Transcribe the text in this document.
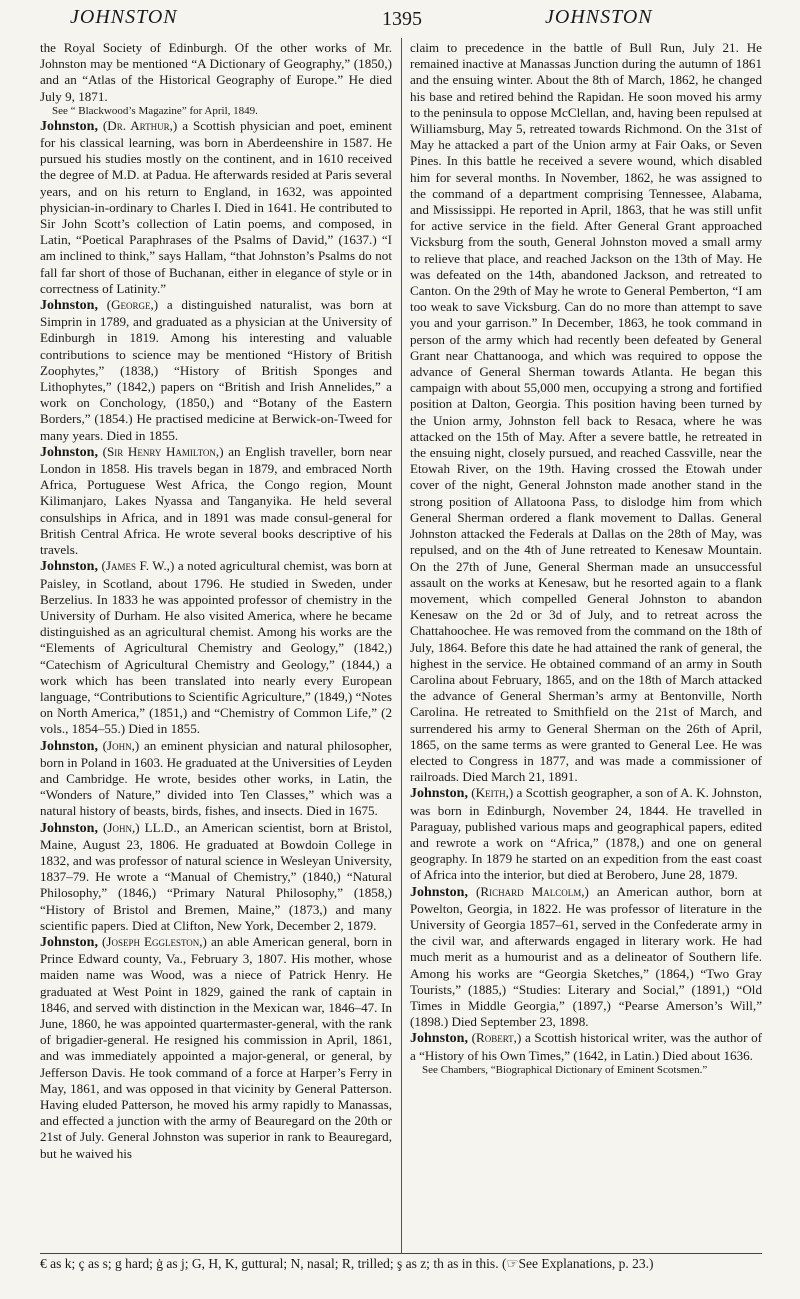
JOHNSTON	1395	JOHNSTON

the Royal Society of Edinburgh. Of the other works of Mr. Johnston may be mentioned “A Dictionary of Geography,” (1850,) and an “Atlas of the Historical Geography of Europe.” He died July 9, 1871.

See “ Blackwood’s Magazine” for April, 1849.

Johnston, (Dr. Arthur,) a Scottish physician and poet, eminent for his classical learning, was born in Aberdeenshire in 1587. He pursued his studies mostly on the continent, and in 1610 received the degree of M.D. at Padua. He afterwards resided at Paris several years, and on his return to England, in 1632, was appointed physician-in-ordinary to Charles I. Died in 1641. He contributed to Sir John Scott’s collection of Latin poems, and composed, in Latin, “Poetical Paraphrases of the Psalms of David,” (1637.) “I am inclined to think,” says Hallam, “that Johnston’s Psalms do not fall far short of those of Buchanan, either in elegance of style or in correctness of Latinity.”

Johnston, (George,) a distinguished naturalist, was born at Simprin in 1789, and graduated as a physician at the University of Edinburgh in 1819. Among his interesting and valuable contributions to science may be mentioned “History of British Zoophytes,” (1838,) “History of British Sponges and Lithophytes,” (1842,) papers on “British and Irish Annelides,” a work on Conchology, (1850,) and “Botany of the Eastern Borders,” (1854.) He practised medicine at Berwick-on-Tweed for many years. Died in 1855.

Johnston, (Sir Henry Hamilton,) an English traveller, born near London in 1858. His travels began in 1879, and embraced North Africa, Portuguese West Africa, the Congo region, Mount Kilimanjaro, Lakes Nyassa and Tanganyika. He held several consulships in Africa, and in 1891 was made consul-general for British Central Africa. He wrote several books descriptive of his travels.

Johnston, (James F. W.,) a noted agricultural chemist, was born at Paisley, in Scotland, about 1796. He studied in Sweden, under Berzelius. In 1833 he was appointed professor of chemistry in the University of Durham. He also visited America, where he became distinguished as an agricultural chemist. Among his works are the “Elements of Agricultural Chemistry and Geology,” (1842,) “Catechism of Agricultural Chemistry and Geology,” (1844,) a work which has been translated into nearly every European language, “Contributions to Scientific Agriculture,” (1849,) “Notes on North America,” (1851,) and “Chemistry of Common Life,” (2 vols., 1854–55.) Died in 1855.

Johnston, (John,) an eminent physician and natural philosopher, born in Poland in 1603. He graduated at the Universities of Leyden and Cambridge. He wrote, besides other works, in Latin, the “Wonders of Nature,” divided into Ten Classes,” which was a natural history of beasts, birds, fishes, and insects. Died in 1675.

Johnston, (John,) LL.D., an American scientist, born at Bristol, Maine, August 23, 1806. He graduated at Bowdoin College in 1832, and was professor of natural science in Wesleyan University, 1837–79. He wrote a “Manual of Chemistry,” (1840,) “Natural Philosophy,” (1846,) “Primary Natural Philosophy,” (1858,) “History of Bristol and Bremen, Maine,” (1873,) and many scientific papers. Died at Clifton, New York, December 2, 1879.

Johnston, (Joseph Eggleston,) an able American general, born in Prince Edward county, Va., February 3, 1807. His mother, whose maiden name was Wood, was a niece of Patrick Henry. He graduated at West Point in 1829, gained the rank of captain in 1846, and served with distinction in the Mexican war, 1846–47. In June, 1860, he was appointed quartermaster-general, with the rank of brigadier-general. He resigned his commission in April, 1861, and was immediately appointed a major-general, or general, by Jefferson Davis. He took command of a force at Harper’s Ferry in May, 1861, and was opposed in that vicinity by General Patterson. Having eluded Patterson, he moved his army rapidly to Manassas, and effected a junction with the army of Beauregard on the 20th or 21st of July. General Johnston was superior in rank to Beauregard, but he waived his

claim to precedence in the battle of Bull Run, July 21. He remained inactive at Manassas Junction during the autumn of 1861 and the ensuing winter. About the 8th of March, 1862, he changed his base and retired behind the Rapidan. He soon moved his army to the peninsula to oppose McClellan, and, having been repulsed at Williamsburg, May 5, retreated towards Richmond. On the 31st of May he attacked a part of the Union army at Fair Oaks, or Seven Pines. In this battle he received a severe wound, which disabled him for several months. In November, 1862, he was assigned to the command of a department comprising Tennessee, Alabama, and Mississippi. He reported in April, 1863, that he was still unfit for active service in the field. After General Grant approached Vicksburg from the south, General Johnston moved a small army to relieve that place, and reached Jackson on the 13th of May. He was defeated on the 14th, abandoned Jackson, and retreated to Canton. On the 29th of May he wrote to General Pemberton, “I am too weak to save Vicksburg. Can do no more than attempt to save you and your garrison.” In December, 1863, he took command in person of the army which had recently been defeated by General Grant near Chattanooga, and which was required to oppose the advance of General Sherman towards Atlanta. He began this campaign with about 55,000 men, occupying a strong and fortified position at Dalton, Georgia. This position having been turned by the Union army, Johnston fell back to Resaca, where he was attacked on the 15th of May. After a severe battle, he retreated in the ensuing night, closely pursued, and reached Cassville, near the Etowah River, on the 19th. Having crossed the Etowah under cover of the night, General Johnston made another stand in the strong position of Allatoona Pass, to dislodge him from which General Sherman ordered a flank movement to Dallas. General Johnston attacked the Federals at Dallas on the 28th of May, was repulsed, and on the 4th of June retreated to Kenesaw Mountain. On the 27th of June, General Sherman made an unsuccessful assault on the works at Kenesaw, but he resorted again to a flank movement, which compelled General Johnston to abandon Kenesaw on the 2d or 3d of July, and to retreat across the Chattahoochee. He was removed from the command on the 18th of July, 1864. Before this date he had attained the rank of general, the highest in the service. He obtained command of an army in South Carolina about February, 1865, and on the 18th of March attacked the advance of General Sherman’s army at Bentonville, North Carolina. He retreated to Smithfield on the 21st of March, and surrendered his army to General Sherman on the 26th of April, 1865, on the same terms as were granted to General Lee. He was elected to Congress in 1877, and was made a commissioner of railroads. Died March 21, 1891.

Johnston, (Keith,) a Scottish geographer, a son of A. K. Johnston, was born in Edinburgh, November 24, 1844. He travelled in Paraguay, published various maps and geographical papers, edited and rewrote a work on “Africa,” (1878,) and one on general geography. In 1879 he started on an expedition from the east coast of Africa into the interior, but died at Berobero, June 28, 1879.

Johnston, (Richard Malcolm,) an American author, born at Powelton, Georgia, in 1822. He was professor of literature in the University of Georgia 1857–61, served in the Confederate army in the civil war, and afterwards engaged in literary work. He had much merit as a humourist and as a delineator of Southern life. Among his works are “Georgia Sketches,” (1864,) “Two Gray Tourists,” (1885,) “Studies: Literary and Social,” (1891,) “Old Times in Middle Georgia,” (1897,) “Pearse Amerson’s Will,” (1898.) Died September 23, 1898.

Johnston, (Robert,) a Scottish historical writer, was the author of a “History of his Own Times,” (1642, in Latin.) Died about 1636.

See Chambers, “Biographical Dictionary of Eminent Scotsmen.”

€ as k; ç as s; g hard; ġ as j; G, H, K, guttural; N, nasal; R, trilled; ş as z; th as in this. (☞See Explanations, p. 23.)
